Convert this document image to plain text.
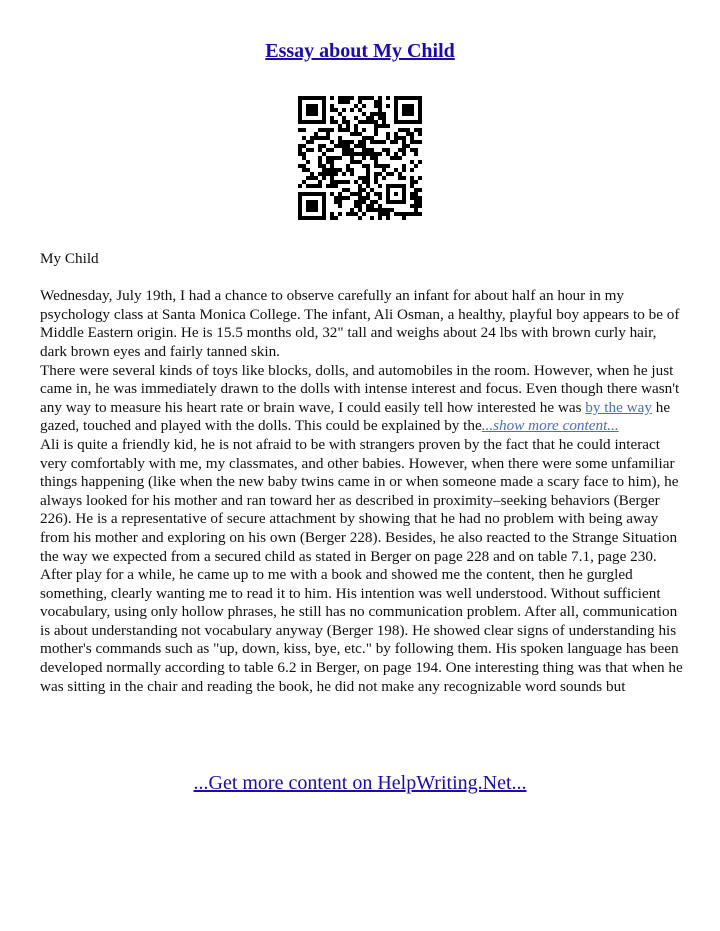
Essay about My Child

My Child

Wednesday, July 19th, I had a chance to observe carefully an infant for about half an hour in my psychology class at Santa Monica College. The infant, Ali Osman, a healthy, playful boy appears to be of Middle Eastern origin. He is 15.5 months old, 32" tall and weighs about 24 lbs with brown curly hair, dark brown eyes and fairly tanned skin.

There were several kinds of toys like blocks, dolls, and automobiles in the room. However, when he just came in, he was immediately drawn to the dolls with intense interest and focus. Even though there wasn't any way to measure his heart rate or brain wave, I could easily tell how interested he was by the way he gazed, touched and played with the dolls. This could be explained by the...show more content...

Ali is quite a friendly kid, he is not afraid to be with strangers proven by the fact that he could interact very comfortably with me, my classmates, and other babies. However, when there were some unfamiliar things happening (like when the new baby twins came in or when someone made a scary face to him), he always looked for his mother and ran toward her as described in proximity–seeking behaviors (Berger 226). He is a representative of secure attachment by showing that he had no problem with being away from his mother and exploring on his own (Berger 228). Besides, he also reacted to the Strange Situation the way we expected from a secured child as stated in Berger on page 228 and on table 7.1, page 230.

After play for a while, he came up to me with a book and showed me the content, then he gurgled something, clearly wanting me to read it to him. His intention was well understood. Without sufficient vocabulary, using only hollow phrases, he still has no communication problem. After all, communication is about understanding not vocabulary anyway (Berger 198). He showed clear signs of understanding his mother's commands such as "up, down, kiss, bye, etc." by following them. His spoken language has been developed normally according to table 6.2 in Berger, on page 194. One interesting thing was that when he was sitting in the chair and reading the book, he did not make any recognizable word sounds but

...Get more content on HelpWriting.Net...
